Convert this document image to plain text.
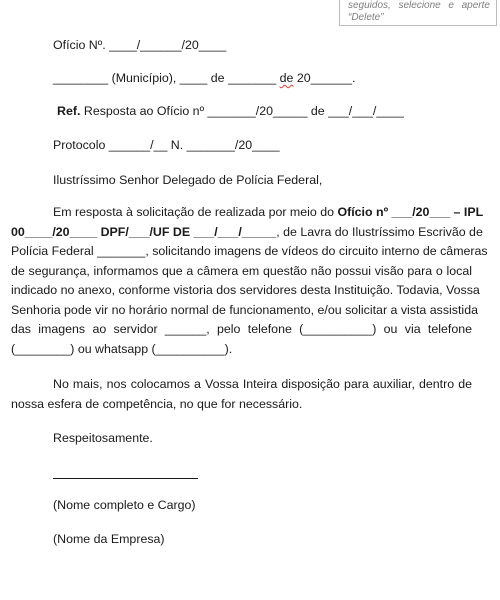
seguidos, selecione e aperte
“Delete”
Ofício Nº. ____/______/20____
________ (Município), ____ de _______ de 20______.
Ref. Resposta ao Ofício nº _______/20_____ de ___/___/____
Protocolo ______/__ N. _______/20____
Ilustríssimo Senhor Delegado de Polícia Federal,
Em resposta à solicitação de realizada por meio do Ofício nº ___/20___ – IPL
00____/20____ DPF/___/UF DE ___/___/_____, de Lavra do Ilustríssimo Escrivão de
Polícia Federal _______, solicitando imagens de vídeos do circuito interno de câmeras
de segurança, informamos que a câmera em questão não possui visão para o local
indicado no anexo, conforme vistoria dos servidores desta Instituição. Todavia, Vossa
Senhoria pode vir no horário normal de funcionamento, e/ou solicitar a vista assistida
das imagens ao servidor ______, pelo telefone (__________) ou via telefone
(________) ou whatsapp (__________).
No mais, nos colocamos a Vossa Inteira disposição para auxiliar, dentro de
nossa esfera de competência, no que for necessário.
Respeitosamente.
(Nome completo e Cargo)
(Nome da Empresa)
